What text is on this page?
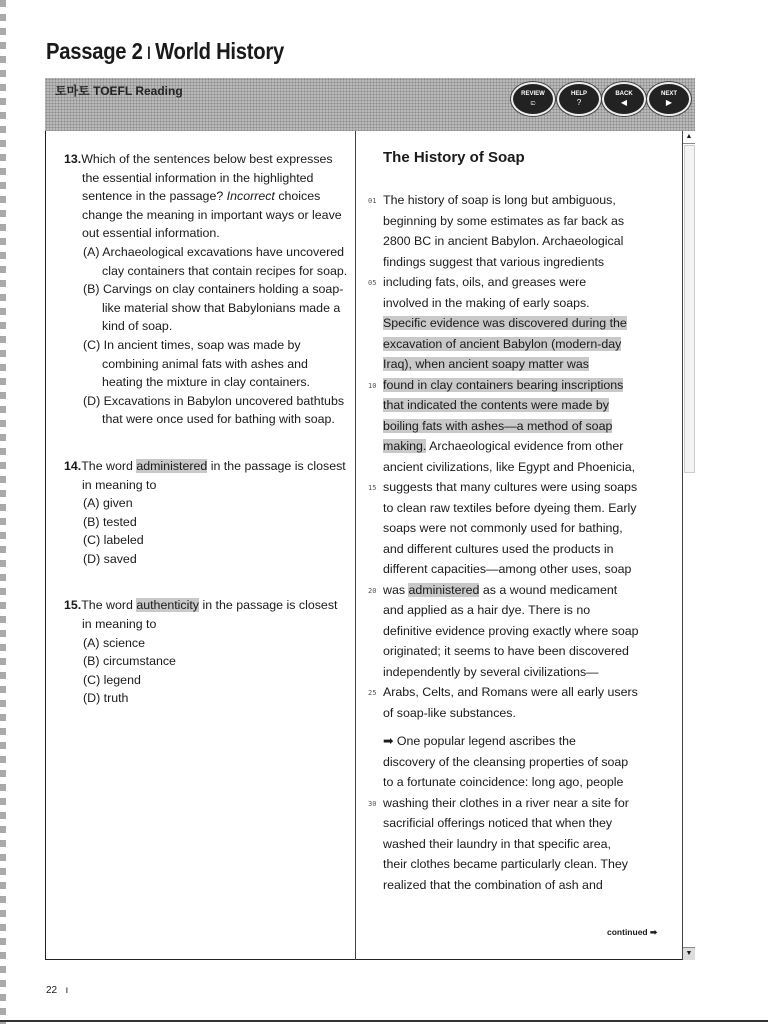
Passage 2 ı World History
토마토 TOEFL Reading	REVIEW
ಐ
HELP
?
BACK
◀
NEXT
▶
▲
▼
13.Which of the sentences below best expresses the essential information in the highlighted sentence in the passage? Incorrect choices change the meaning in important ways or leave out essential information.
(A) Archaeological excavations have uncovered clay containers that contain recipes for soap.
(B) Carvings on clay containers holding a soap-like material show that Babylonians made a kind of soap.
(C) In ancient times, soap was made by combining animal fats with ashes and heating the mixture in clay containers.
(D) Excavations in Babylon uncovered bathtubs that were once used for bathing with soap.
14.The word administered in the passage is closest in meaning to
(A) given
(B) tested
(C) labeled
(D) saved
15.The word authenticity in the passage is closest in meaning to
(A) science
(B) circumstance
(C) legend
(D) truth
The History of Soap
01 The history of soap is long but ambiguous,
beginning by some estimates as far back as
2800 BC in ancient Babylon. Archaeological
findings suggest that various ingredients
05 including fats, oils, and greases were
involved in the making of early soaps.
Specific evidence was discovered during the
excavation of ancient Babylon (modern-day
Iraq), when ancient soapy matter was
10 found in clay containers bearing inscriptions
that indicated the contents were made by
boiling fats with ashes—a method of soap
making. Archaeological evidence from other
ancient civilizations, like Egypt and Phoenicia,
15 suggests that many cultures were using soaps
to clean raw textiles before dyeing them. Early
soaps were not commonly used for bathing,
and different cultures used the products in
different capacities—among other uses, soap
20 was administered as a wound medicament
and applied as a hair dye. There is no
definitive evidence proving exactly where soap
originated; it seems to have been discovered
independently by several civilizations—
25 Arabs, Celts, and Romans were all early users
of soap-like substances.
➡ One popular legend ascribes the
discovery of the cleansing properties of soap
to a fortunate coincidence: long ago, people
30 washing their clothes in a river near a site for
sacrificial offerings noticed that when they
washed their laundry in that specific area,
their clothes became particularly clean. They
realized that the combination of ash and
continued ➡
22 ı
